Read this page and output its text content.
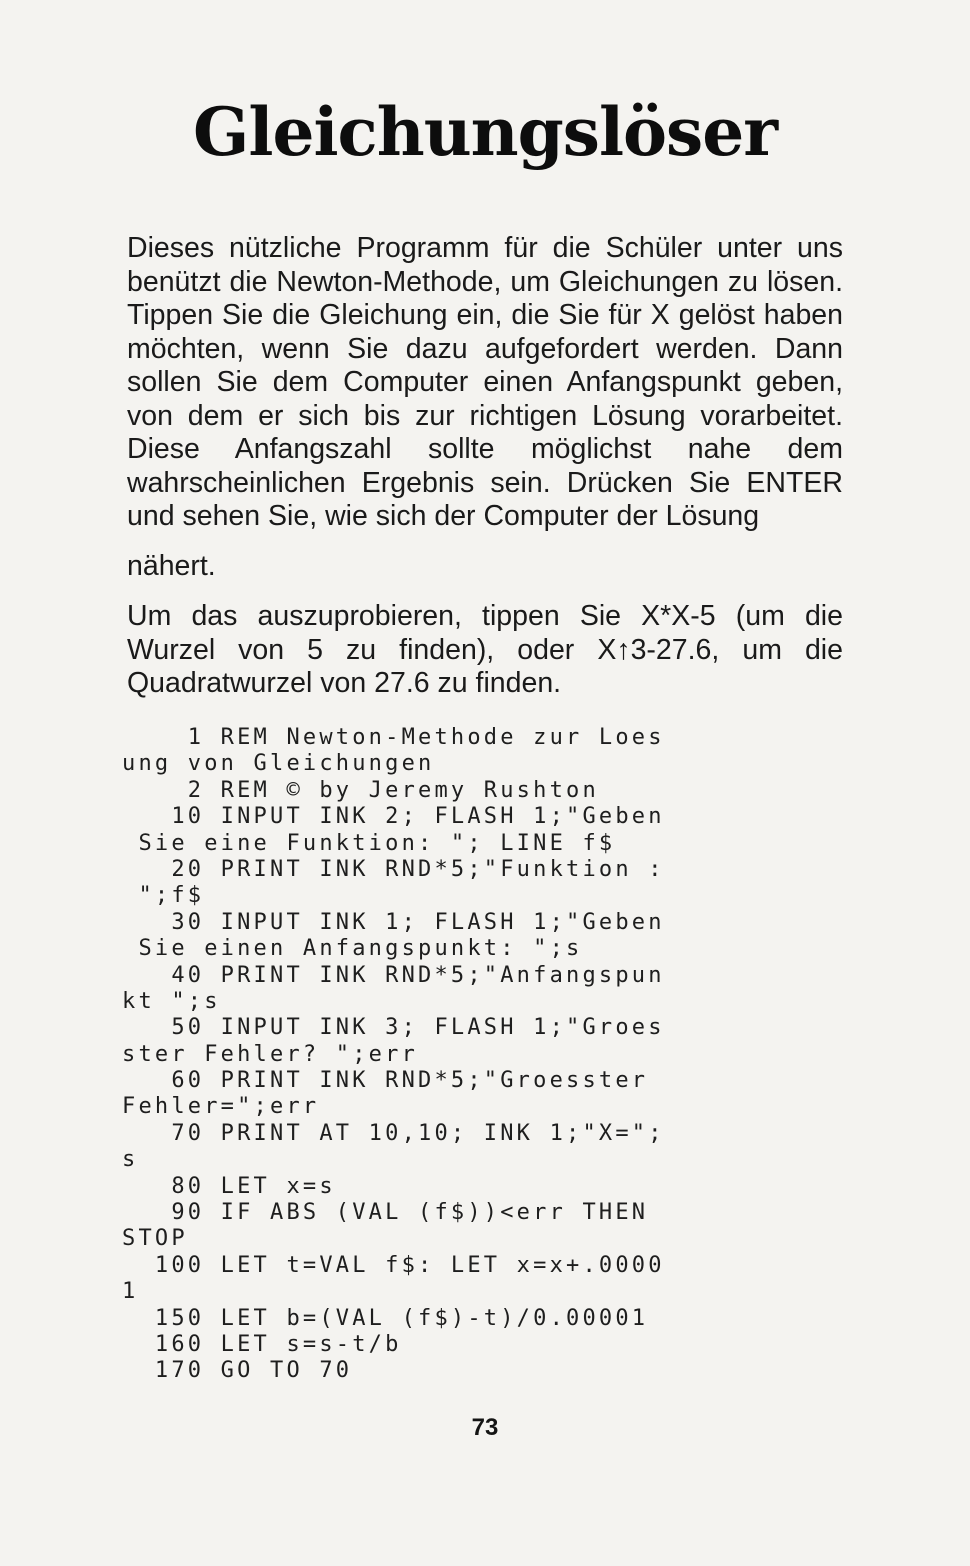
Gleichungslöser

Dieses nützliche Programm für die Schüler unter uns benützt die Newton-Methode, um Gleichungen zu lösen. Tippen Sie die Gleichung ein, die Sie für X gelöst haben möchten, wenn Sie dazu aufgefordert werden. Dann sollen Sie dem Computer einen Anfangspunkt geben, von dem er sich bis zur richtigen Lösung vorarbeitet. Diese Anfangszahl sollte möglichst nahe dem wahrscheinlichen Ergebnis sein. Drücken Sie ENTER und sehen Sie, wie sich der Computer der Lösung

nähert.

Um das auszuprobieren, tippen Sie X*X-5 (um die Wurzel von 5 zu finden), oder X↑3-27.6, um die Quadratwurzel von 27.6 zu finden.

1 REM Newton-Methode zur Loes
ung von Gleichungen
2 REM © by Jeremy Rushton
10 INPUT INK 2; FLASH 1;"Geben
Sie eine Funktion: "; LINE f$
20 PRINT INK RND*5;"Funktion :
";f$
30 INPUT INK 1; FLASH 1;"Geben
Sie einen Anfangspunkt: ";s
40 PRINT INK RND*5;"Anfangspun
kt ";s
50 INPUT INK 3; FLASH 1;"Groes
ster Fehler? ";err
60 PRINT INK RND*5;"Groesster
Fehler=";err
70 PRINT AT 10,10; INK 1;"X=";
s
80 LET x=s
90 IF ABS (VAL (f$))<err THEN
STOP
100 LET t=VAL f$: LET x=x+.0000
1
150 LET b=(VAL (f$)-t)/0.00001
160 LET s=s-t/b
170 GO TO 70
73
